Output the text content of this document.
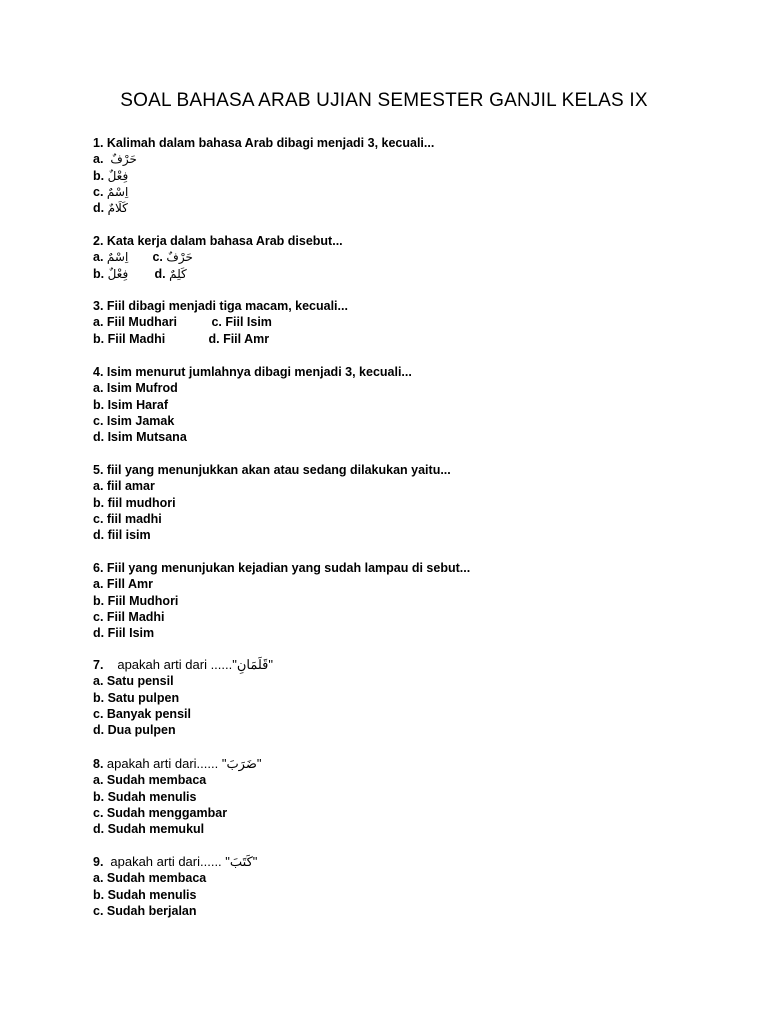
SOAL BAHASA ARAB UJIAN SEMESTER GANJIL KELAS IX
1. Kalimah dalam bahasa Arab dibagi menjadi 3, kecuali...
a. حَرْفٌ
b. فِعْلٌ
c. اِسْمٌ
d. كَلَامٌ
2. Kata kerja dalam bahasa Arab disebut...
a. اِسْمٌ c. حَرْفٌ
b. فِعْلٌ d. كَلِمٌ
3. Fiil dibagi menjadi tiga macam, kecuali...
a. Fiil Mudhari	c. Fiil Isim
b. Fiil Madhi	d. Fiil Amr
4. Isim menurut jumlahnya dibagi menjadi 3, kecuali...
a. Isim Mufrod
b. Isim Haraf
c. Isim Jamak
d. Isim Mutsana
5. fiil yang menunjukkan akan atau sedang dilakukan yaitu...
a. fiil amar
b. fiil mudhori
c. fiil madhi
d. fiil isim
6. Fiil yang menunjukan kejadian yang sudah lampau di sebut...
a. Fill Amr
b. Fiil Mudhori
c. Fiil Madhi
d. Fiil Isim
7. apakah arti dari ......"قَلَمَانِ"
a. Satu pensil
b. Satu pulpen
c. Banyak pensil
d. Dua pulpen
8. apakah arti dari...... "ضَرَبَ"
a. Sudah membaca
b. Sudah menulis
c. Sudah menggambar
d. Sudah memukul
9. apakah arti dari...... "كَتَبَ"
a. Sudah membaca
b. Sudah menulis
c. Sudah berjalan
